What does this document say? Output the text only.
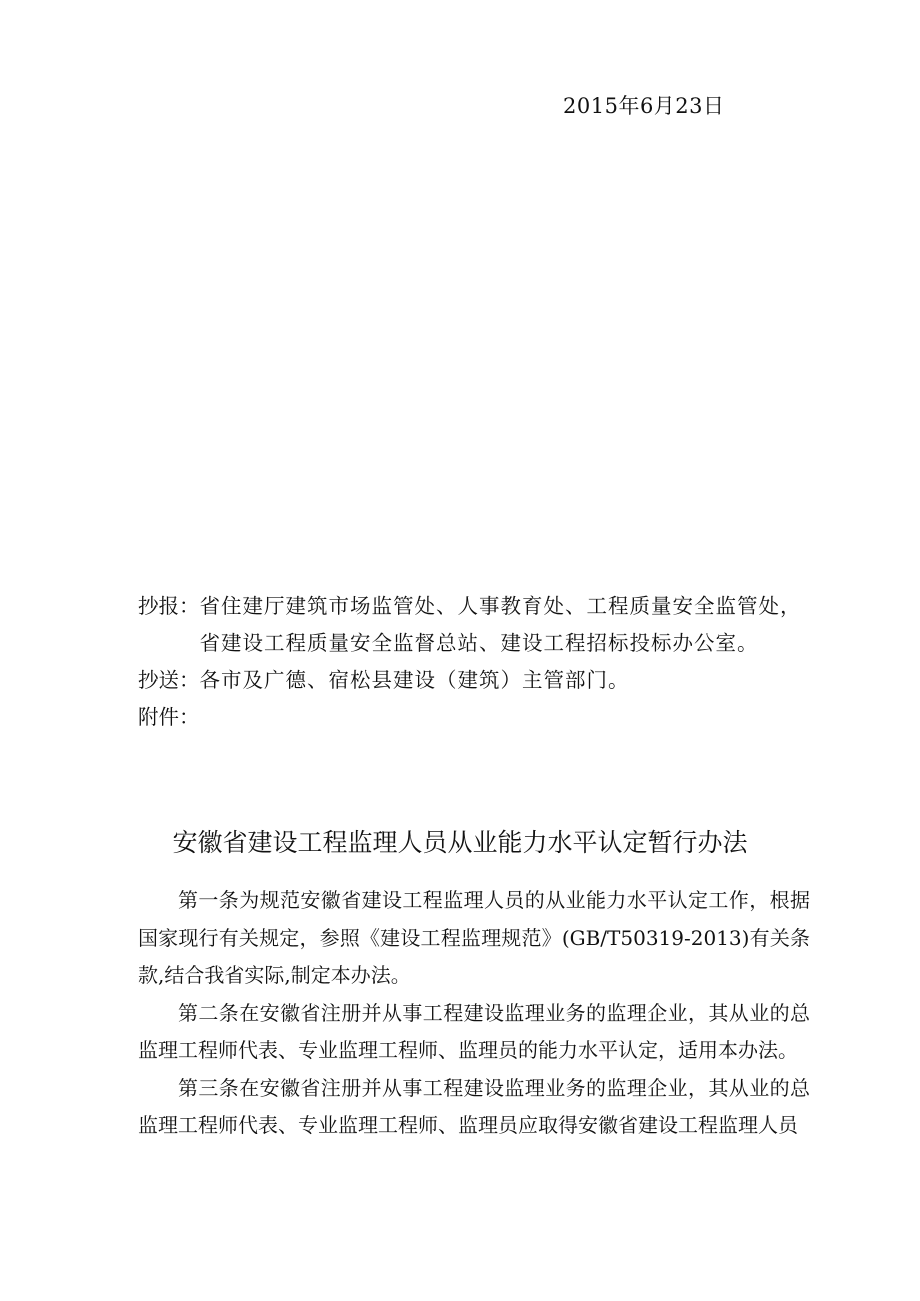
2015年6月23日
抄报： 省住建厅建筑市场监管处、人事教育处、工程质量安全监管处，省建设工程质量安全监督总站、建设工程招标投标办公室。
抄送： 各市及广德、宿松县建设（建筑）主管部门。
附件：
安徽省建设工程监理人员从业能力水平认定暂行办法

第一条为规范安徽省建设工程监理人员的从业能力水平认定工作，根据国家现行有关规定，参照《建设工程监理规范》(GB/T50319-2013)有关条款,结合我省实际,制定本办法。

第二条在安徽省注册并从事工程建设监理业务的监理企业，其从业的总监理工程师代表、专业监理工程师、监理员的能力水平认定，适用本办法。

第三条在安徽省注册并从事工程建设监理业务的监理企业，其从业的总监理工程师代表、专业监理工程师、监理员应取得安徽省建设工程监理人员
